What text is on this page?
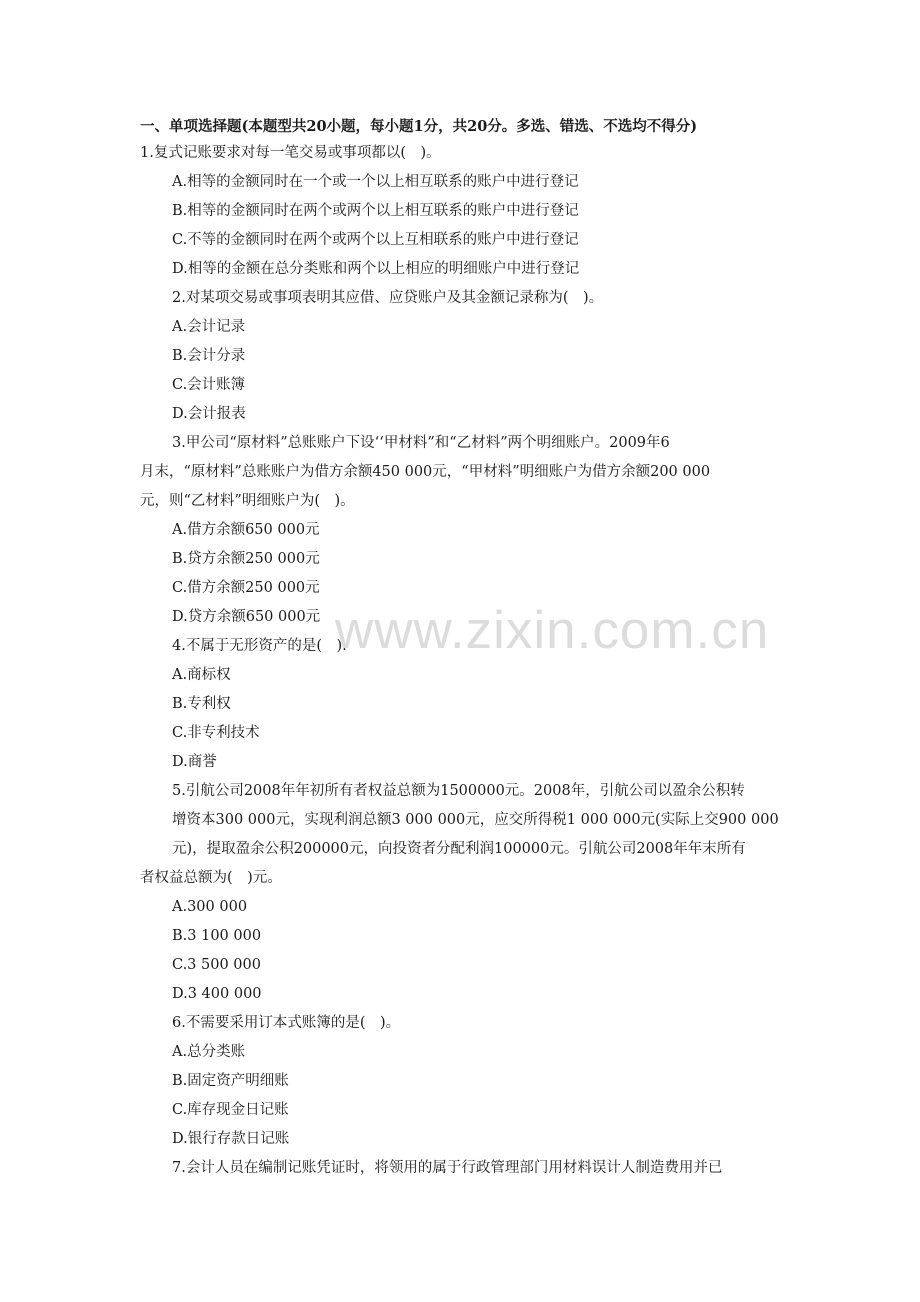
一、单项选择题(本题型共20小题，每小题1分，共20分。多选、错选、不选均不得分)
1.复式记账要求对每一笔交易或事项都以(　)。
A.相等的金额同时在一个或一个以上相互联系的账户中进行登记
B.相等的金额同时在两个或两个以上相互联系的账户中进行登记
C.不等的金额同时在两个或两个以上互相联系的账户中进行登记
D.相等的金额在总分类账和两个以上相应的明细账户中进行登记
2.对某项交易或事项表明其应借、应贷账户及其金额记录称为(　)。
A.会计记录
B.会计分录
C.会计账簿
D.会计报表
3.甲公司“原材料”总账账户下设‘‘甲材料”和“乙材料”两个明细账户。2009年6
月末，“原材料”总账账户为借方余额450 000元，“甲材料”明细账户为借方余额200 000
元，则“乙材料”明细账户为(　)。
A.借方余额650 000元
B.贷方余额250 000元
C.借方余额250 000元
D.贷方余额650 000元
4.不属于无形资产的是(　).
A.商标权
B.专利权
C.非专利技术
D.商誉
5.引航公司2008年年初所有者权益总额为1500000元。2008年，引航公司以盈余公积转
增资本300 000元，实现利润总额3 000 000元，应交所得税1 000 000元(实际上交900 000
元)，提取盈余公积200000元，向投资者分配利润100000元。引航公司2008年年末所有
者权益总额为(　)元。
A.300 000
B.3 100 000
C.3 500 000
D.3 400 000
6.不需要采用订本式账簿的是(　)。
A.总分类账
B.固定资产明细账
C.库存现金日记账
D.银行存款日记账
7.会计人员在编制记账凭证时，将领用的属于行政管理部门用材料误计人制造费用并已
www.zixin.com.cn
